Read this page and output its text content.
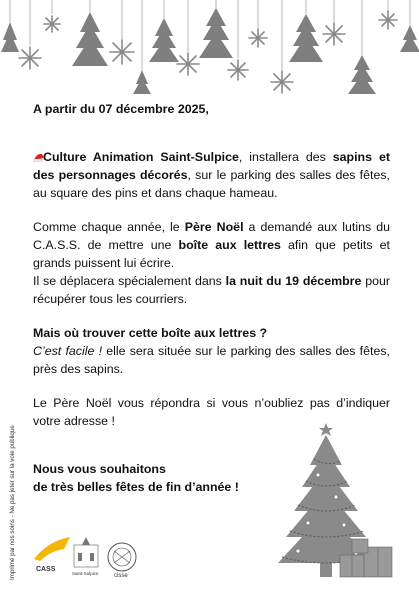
A partir du 07 décembre 2025,

Culture Animation Saint-Sulpice, installera des sapins et des personnages décorés, sur le parking des salles des fêtes, au square des pins et dans chaque hameau.

Comme chaque année, le Père Noël a demandé aux lutins du C.A.S.S. de mettre une boîte aux lettres afin que petits et grands puissent lui écrire.

Il se déplacera spécialement dans la nuit du 19 décembre pour récupérer tous les courriers.

Mais où trouver cette boîte aux lettres ?

C’est facile ! elle sera située sur le parking des salles des fêtes, près des sapins.

Le Père Noël vous répondra si vous n’oubliez pas d’indiquer votre adresse !

Nous vous souhaitons

de très belles fêtes de fin d’année !

Imprimé par nos soins - Ne pas jeter sur la voie publique	CASS
Saint-Sulpice	cisse
